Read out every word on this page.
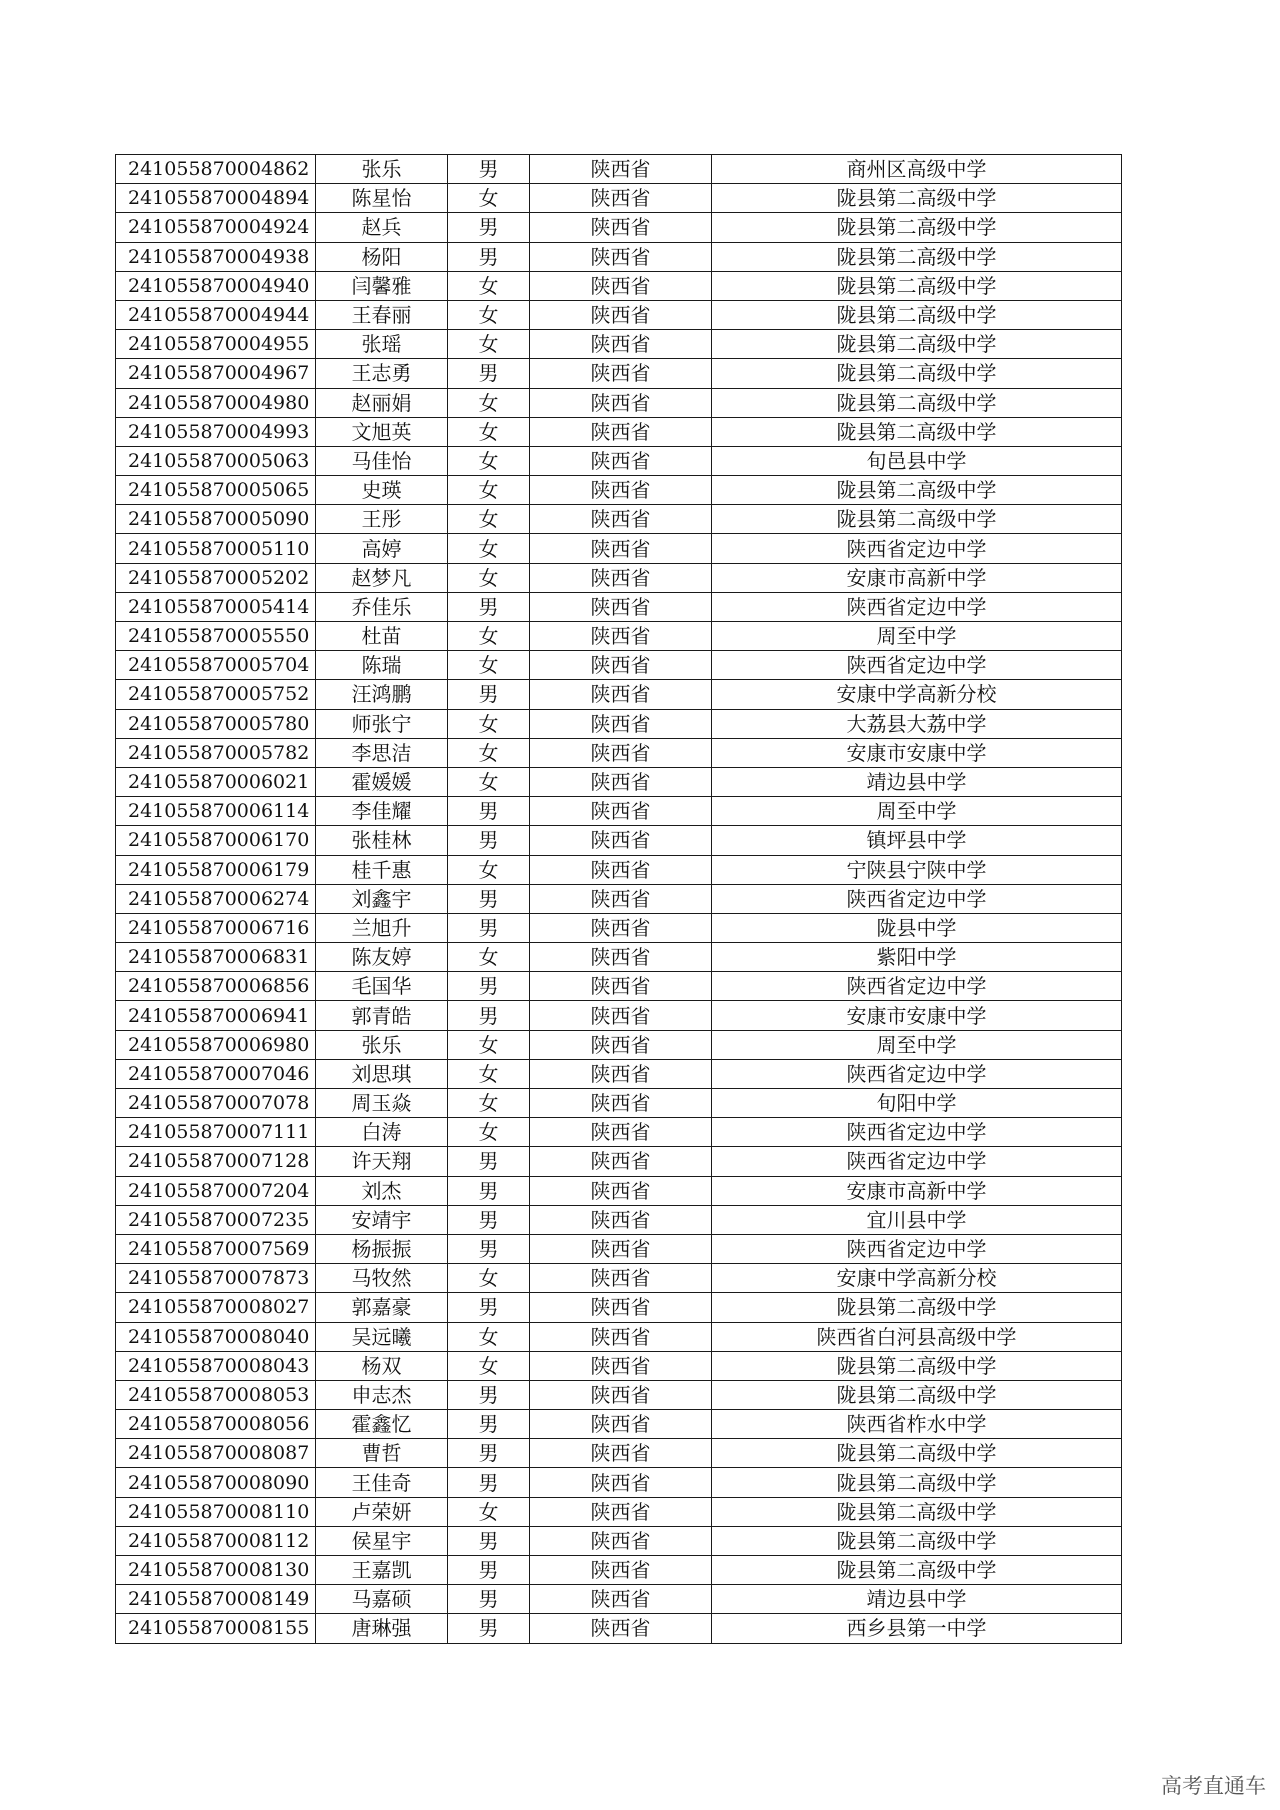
241055870004862	张乐	男	陕西省	商州区高级中学
241055870004894	陈星怡	女	陕西省	陇县第二高级中学
241055870004924	赵兵	男	陕西省	陇县第二高级中学
241055870004938	杨阳	男	陕西省	陇县第二高级中学
241055870004940	闫馨雅	女	陕西省	陇县第二高级中学
241055870004944	王春丽	女	陕西省	陇县第二高级中学
241055870004955	张瑶	女	陕西省	陇县第二高级中学
241055870004967	王志勇	男	陕西省	陇县第二高级中学
241055870004980	赵丽娟	女	陕西省	陇县第二高级中学
241055870004993	文旭英	女	陕西省	陇县第二高级中学
241055870005063	马佳怡	女	陕西省	旬邑县中学
241055870005065	史瑛	女	陕西省	陇县第二高级中学
241055870005090	王彤	女	陕西省	陇县第二高级中学
241055870005110	高婷	女	陕西省	陕西省定边中学
241055870005202	赵梦凡	女	陕西省	安康市高新中学
241055870005414	乔佳乐	男	陕西省	陕西省定边中学
241055870005550	杜苗	女	陕西省	周至中学
241055870005704	陈瑞	女	陕西省	陕西省定边中学
241055870005752	汪鸿鹏	男	陕西省	安康中学高新分校
241055870005780	师张宁	女	陕西省	大荔县大荔中学
241055870005782	李思洁	女	陕西省	安康市安康中学
241055870006021	霍媛媛	女	陕西省	靖边县中学
241055870006114	李佳耀	男	陕西省	周至中学
241055870006170	张桂林	男	陕西省	镇坪县中学
241055870006179	桂千惠	女	陕西省	宁陕县宁陕中学
241055870006274	刘鑫宇	男	陕西省	陕西省定边中学
241055870006716	兰旭升	男	陕西省	陇县中学
241055870006831	陈友婷	女	陕西省	紫阳中学
241055870006856	毛国华	男	陕西省	陕西省定边中学
241055870006941	郭青皓	男	陕西省	安康市安康中学
241055870006980	张乐	女	陕西省	周至中学
241055870007046	刘思琪	女	陕西省	陕西省定边中学
241055870007078	周玉焱	女	陕西省	旬阳中学
241055870007111	白涛	女	陕西省	陕西省定边中学
241055870007128	许天翔	男	陕西省	陕西省定边中学
241055870007204	刘杰	男	陕西省	安康市高新中学
241055870007235	安靖宇	男	陕西省	宜川县中学
241055870007569	杨振振	男	陕西省	陕西省定边中学
241055870007873	马牧然	女	陕西省	安康中学高新分校
241055870008027	郭嘉豪	男	陕西省	陇县第二高级中学
241055870008040	吴远曦	女	陕西省	陕西省白河县高级中学
241055870008043	杨双	女	陕西省	陇县第二高级中学
241055870008053	申志杰	男	陕西省	陇县第二高级中学
241055870008056	霍鑫忆	男	陕西省	陕西省柞水中学
241055870008087	曹哲	男	陕西省	陇县第二高级中学
241055870008090	王佳奇	男	陕西省	陇县第二高级中学
241055870008110	卢荣妍	女	陕西省	陇县第二高级中学
241055870008112	侯星宇	男	陕西省	陇县第二高级中学
241055870008130	王嘉凯	男	陕西省	陇县第二高级中学
241055870008149	马嘉硕	男	陕西省	靖边县中学
241055870008155	唐琳强	男	陕西省	西乡县第一中学
高考直通车
